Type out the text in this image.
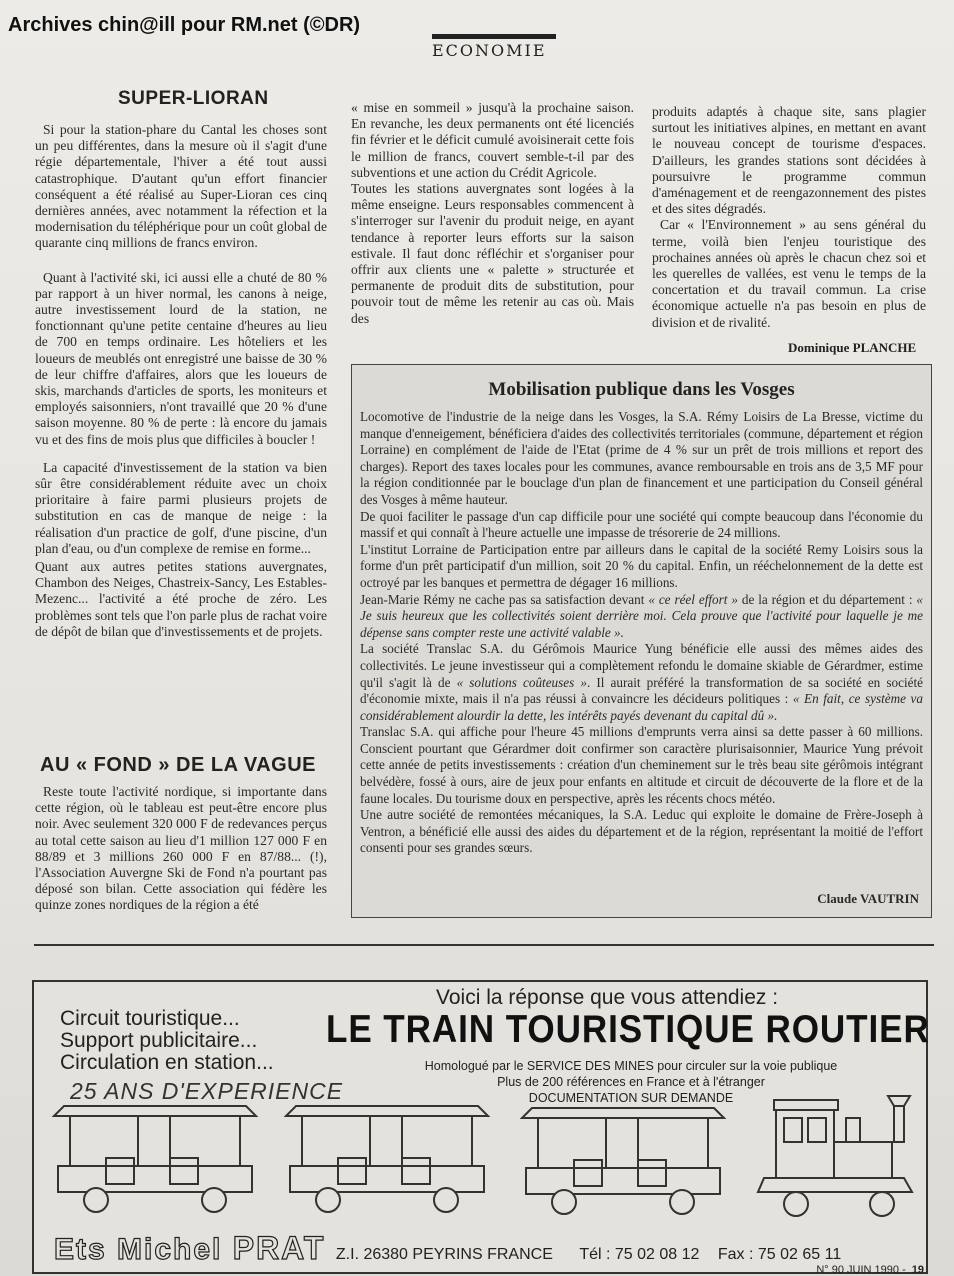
Archives chin@ill pour RM.net (©DR)
ECONOMIE
SUPER-LIORAN

Si pour la station-phare du Cantal les choses sont un peu différentes, dans la mesure où il s'agit d'une régie départementale, l'hiver a été tout aussi catastrophique. D'autant qu'un effort financier conséquent a été réalisé au Super-Lioran ces cinq dernières années, avec notamment la réfection et la modernisation du téléphérique pour un coût global de quarante cinq millions de francs environ.

Quant à l'activité ski, ici aussi elle a chuté de 80 % par rapport à un hiver normal, les canons à neige, autre investissement lourd de la station, ne fonctionnant qu'une petite centaine d'heures au lieu de 700 en temps ordinaire. Les hôteliers et les loueurs de meublés ont enregistré une baisse de 30 % de leur chiffre d'affaires, alors que les loueurs de skis, marchands d'articles de sports, les moniteurs et employés saisonniers, n'ont travaillé que 20 % d'une saison moyenne. 80 % de perte : là encore du jamais vu et des fins de mois plus que difficiles à boucler !

La capacité d'investissement de la station va bien sûr être considérablement réduite avec un choix prioritaire à faire parmi plusieurs projets de substitution en cas de manque de neige : la réalisation d'un practice de golf, d'une piscine, d'un plan d'eau, ou d'un complexe de remise en forme...

Quant aux autres petites stations auvergnates, Chambon des Neiges, Chastreix-Sancy, Les Estables-Mezenc... l'activité a été proche de zéro. Les problèmes sont tels que l'on parle plus de rachat voire de dépôt de bilan que d'investissements et de projets.

AU « FOND » DE LA VAGUE

Reste toute l'activité nordique, si importante dans cette région, où le tableau est peut-être encore plus noir. Avec seulement 320 000 F de redevances perçus au total cette saison au lieu d'1 million 127 000 F en 88/89 et 3 millions 260 000 F en 87/88... (!), l'Association Auvergne Ski de Fond n'a pourtant pas déposé son bilan. Cette association qui fédère les quinze zones nordiques de la région a été

« mise en sommeil » jusqu'à la prochaine saison. En revanche, les deux permanents ont été licenciés fin février et le déficit cumulé avoisinerait cette fois le million de francs, couvert semble-t-il par des subventions et une action du Crédit Agricole.

Toutes les stations auvergnates sont logées à la même enseigne. Leurs responsables commencent à s'interroger sur l'avenir du produit neige, en ayant tendance à reporter leurs efforts sur la saison estivale. Il faut donc réfléchir et s'organiser pour offrir aux clients une « palette » structurée et permanente de produit dits de substitution, pour pouvoir tout de même les retenir au cas où. Mais des

produits adaptés à chaque site, sans plagier surtout les initiatives alpines, en mettant en avant le nouveau concept de tourisme d'espaces. D'ailleurs, les grandes stations sont décidées à poursuivre le programme commun d'aménagement et de reengazonnement des pistes et des sites dégradés.

Car « l'Environnement » au sens général du terme, voilà bien l'enjeu touristique des prochaines années où après le chacun chez soi et les querelles de vallées, est venu le temps de la concertation et du travail commun. La crise économique actuelle n'a pas besoin en plus de division et de rivalité.

Dominique PLANCHE
Mobilisation publique dans les Vosges

Locomotive de l'industrie de la neige dans les Vosges, la S.A. Rémy Loisirs de La Bresse, victime du manque d'enneigement, bénéficiera d'aides des collectivités territoriales (commune, département et région Lorraine) en complément de l'aide de l'Etat (prime de 4 % sur un prêt de trois millions et report des charges). Report des taxes locales pour les communes, avance remboursable en trois ans de 3,5 MF pour la région conditionnée par le bouclage d'un plan de financement et une participation du Conseil général des Vosges à même hauteur.

De quoi faciliter le passage d'un cap difficile pour une société qui compte beaucoup dans l'économie du massif et qui connaît à l'heure actuelle une impasse de trésorerie de 24 millions.

L'institut Lorraine de Participation entre par ailleurs dans le capital de la société Remy Loisirs sous la forme d'un prêt participatif d'un million, soit 20 % du capital. Enfin, un rééchelonnement de la dette est octroyé par les banques et permettra de dégager 16 millions.

Jean-Marie Rémy ne cache pas sa satisfaction devant « ce réel effort » de la région et du département : « Je suis heureux que les collectivités soient derrière moi. Cela prouve que l'activité pour laquelle je me dépense sans compter reste une activité valable ».

La société Translac S.A. du Gérômois Maurice Yung bénéficie elle aussi des mêmes aides des collectivités. Le jeune investisseur qui a complètement refondu le domaine skiable de Gérardmer, estime qu'il s'agit là de « solutions coûteuses ». Il aurait préféré la transformation de sa société en société d'économie mixte, mais il n'a pas réussi à convaincre les décideurs politiques : « En fait, ce système va considérablement alourdir la dette, les intérêts payés devenant du capital dû ».

Translac S.A. qui affiche pour l'heure 45 millions d'emprunts verra ainsi sa dette passer à 60 millions. Conscient pourtant que Gérardmer doit confirmer son caractère plurisaisonnier, Maurice Yung prévoit cette année de petits investissements : création d'un cheminement sur le très beau site gérômois intégrant belvédère, fossé à ours, aire de jeux pour enfants en altitude et circuit de découverte de la flore et de la faune locales. Du tourisme doux en perspective, après les récents chocs météo.

Une autre société de remontées mécaniques, la S.A. Leduc qui exploite le domaine de Frère-Joseph à Ventron, a bénéficié elle aussi des aides du département et de la région, représentant la moitié de l'effort consenti pour ses grandes sœurs.

Claude VAUTRIN
Circuit touristique...
Support publicitaire...
Circulation en station...
25 ANS D'EXPERIENCE
Voici la réponse que vous attendiez :
LE TRAIN TOURISTIQUE ROUTIER
Homologué par le SERVICE DES MINES pour circuler sur la voie publique
Plus de 200 références en France et à l'étranger
DOCUMENTATION SUR DEMANDE
Ets Michel PRAT Z.I. 26380 PEYRINS FRANCE Tél : 75 02 08 12 Fax : 75 02 65 11
N° 90 JUIN 1990 - 19
